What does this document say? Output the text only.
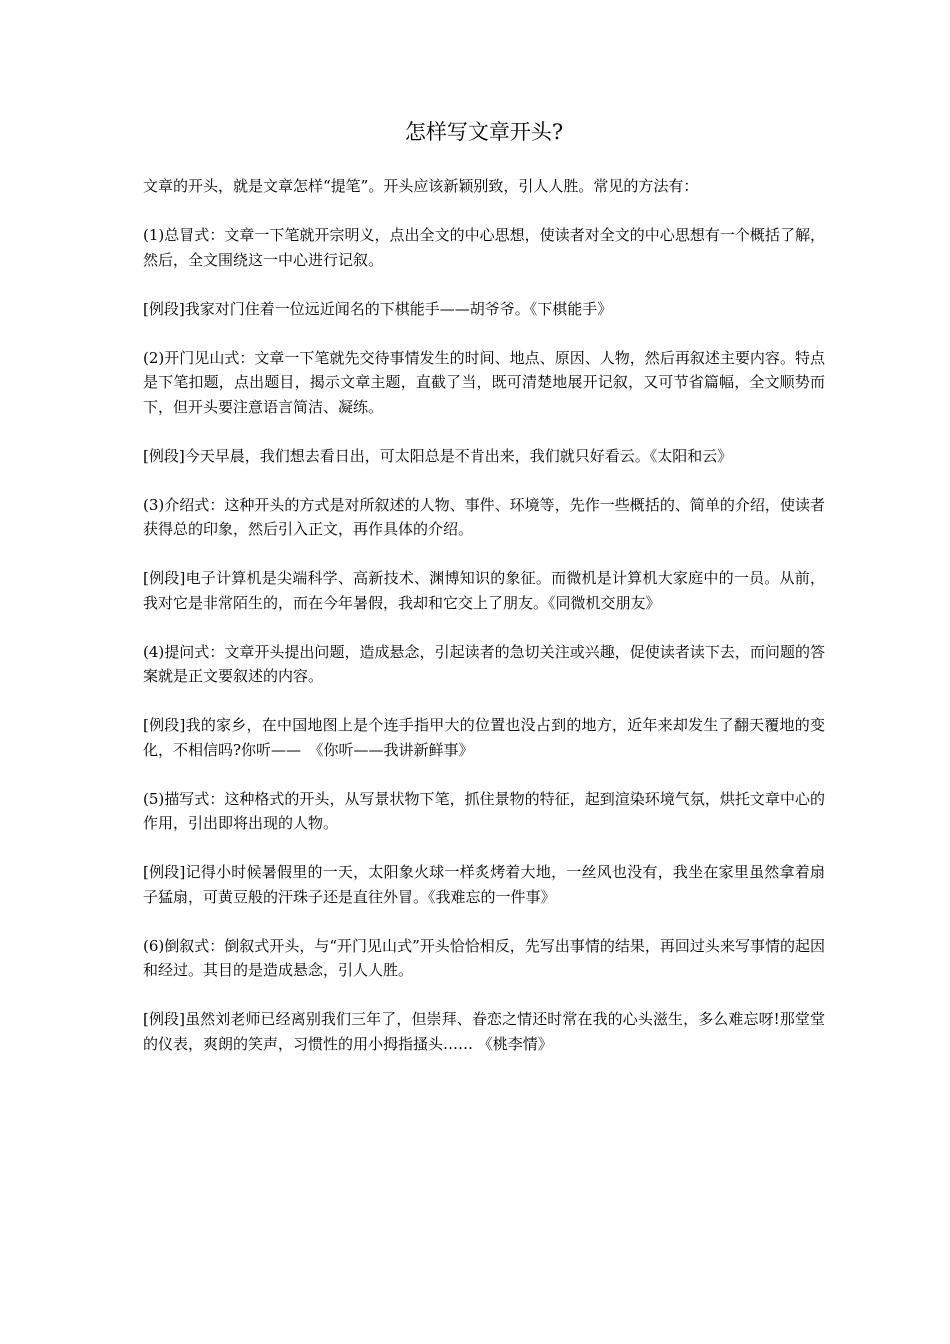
怎样写文章开头?

文章的开头，就是文章怎样“提笔”。开头应该新颖别致，引人人胜。常见的方法有：

(1)总冒式：文章一下笔就开宗明义，点出全文的中心思想，使读者对全文的中心思想有一个概括了解，然后，全文围绕这一中心进行记叙。

[例段]我家对门住着一位远近闻名的下棋能手——胡爷爷。《下棋能手》

(2)开门见山式：文章一下笔就先交待事情发生的时间、地点、原因、人物，然后再叙述主要内容。特点是下笔扣题，点出题目，揭示文章主题，直截了当，既可清楚地展开记叙，又可节省篇幅，全文顺势而下，但开头要注意语言简洁、凝练。

[例段]今天早晨，我们想去看日出，可太阳总是不肯出来，我们就只好看云。《太阳和云》

(3)介绍式：这种开头的方式是对所叙述的人物、事件、环境等，先作一些概括的、简单的介绍，使读者获得总的印象，然后引入正文，再作具体的介绍。

[例段]电子计算机是尖端科学、高新技术、渊博知识的象征。而微机是计算机大家庭中的一员。从前，我对它是非常陌生的，而在今年暑假，我却和它交上了朋友。《同微机交朋友》

(4)提问式：文章开头提出问题，造成悬念，引起读者的急切关注或兴趣，促使读者读下去，而问题的答案就是正文要叙述的内容。

[例段]我的家乡，在中国地图上是个连手指甲大的位置也没占到的地方，近年来却发生了翻天覆地的变化，不相信吗?你听——　《你听——我讲新鲜事》

(5)描写式：这种格式的开头，从写景状物下笔，抓住景物的特征，起到渲染环境气氛，烘托文章中心的作用，引出即将出现的人物。

[例段]记得小时候暑假里的一天，太阳象火球一样炙烤着大地，一丝风也没有，我坐在家里虽然拿着扇子猛扇，可黄豆般的汗珠子还是直往外冒。《我难忘的一件事》

(6)倒叙式：倒叙式开头，与“开门见山式”开头恰恰相反，先写出事情的结果，再回过头来写事情的起因和经过。其目的是造成悬念，引人人胜。

[例段]虽然刘老师已经离别我们三年了，但崇拜、眷恋之情还时常在我的心头滋生，多么难忘呀!那堂堂的仪表，爽朗的笑声，习惯性的用小拇指搔头…… 《桃李情》
